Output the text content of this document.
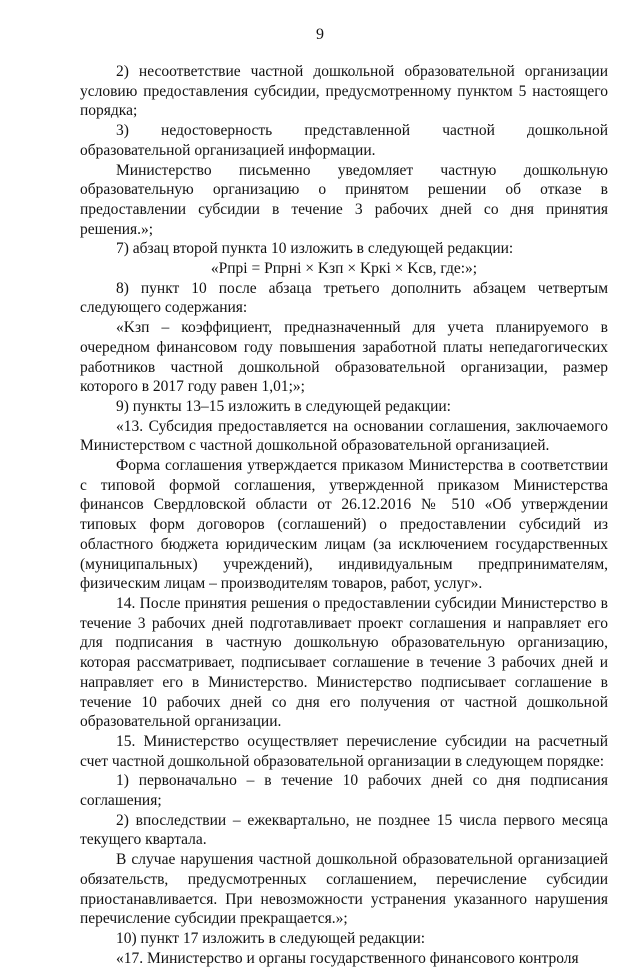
9

2) несоответствие частной дошкольной образовательной организации условию предоставления субсидии, предусмотренному пунктом 5 настоящего порядка;

3) недостоверность представленной частной дошкольной образовательной организацией информации.

Министерство письменно уведомляет частную дошкольную образовательную организацию о принятом решении об отказе в предоставлении субсидии в течение 3 рабочих дней со дня принятия решения.»;

7) абзац второй пункта 10 изложить в следующей редакции:

«Pпрi = Pпрнi × Kзп × Kркi × Kсв, где:»;

8) пункт 10 после абзаца третьего дополнить абзацем четвертым следующего содержания:

«Kзп – коэффициент, предназначенный для учета планируемого в очередном финансовом году повышения заработной платы непедагогических работников частной дошкольной образовательной организации, размер которого в 2017 году равен 1,01;»;

9) пункты 13–15 изложить в следующей редакции:

«13. Субсидия предоставляется на основании соглашения, заключаемого Министерством с частной дошкольной образовательной организацией.

Форма соглашения утверждается приказом Министерства в соответствии с типовой формой соглашения, утвержденной приказом Министерства финансов Свердловской области от 26.12.2016 № 510 «Об утверждении типовых форм договоров (соглашений) о предоставлении субсидий из областного бюджета юридическим лицам (за исключением государственных (муниципальных) учреждений), индивидуальным предпринимателям, физическим лицам – производителям товаров, работ, услуг».

14. После принятия решения о предоставлении субсидии Министерство в течение 3 рабочих дней подготавливает проект соглашения и направляет его для подписания в частную дошкольную образовательную организацию, которая рассматривает, подписывает соглашение в течение 3 рабочих дней и направляет его в Министерство. Министерство подписывает соглашение в течение 10 рабочих дней со дня его получения от частной дошкольной образовательной организации.

15. Министерство осуществляет перечисление субсидии на расчетный счет частной дошкольной образовательной организации в следующем порядке:

1) первоначально – в течение 10 рабочих дней со дня подписания соглашения;

2) впоследствии – ежеквартально, не позднее 15 числа первого месяца текущего квартала.

В случае нарушения частной дошкольной образовательной организацией обязательств, предусмотренных соглашением, перечисление субсидии приостанавливается. При невозможности устранения указанного нарушения перечисление субсидии прекращается.»;

10) пункт 17 изложить в следующей редакции:

«17. Министерство и органы государственного финансового контроля
